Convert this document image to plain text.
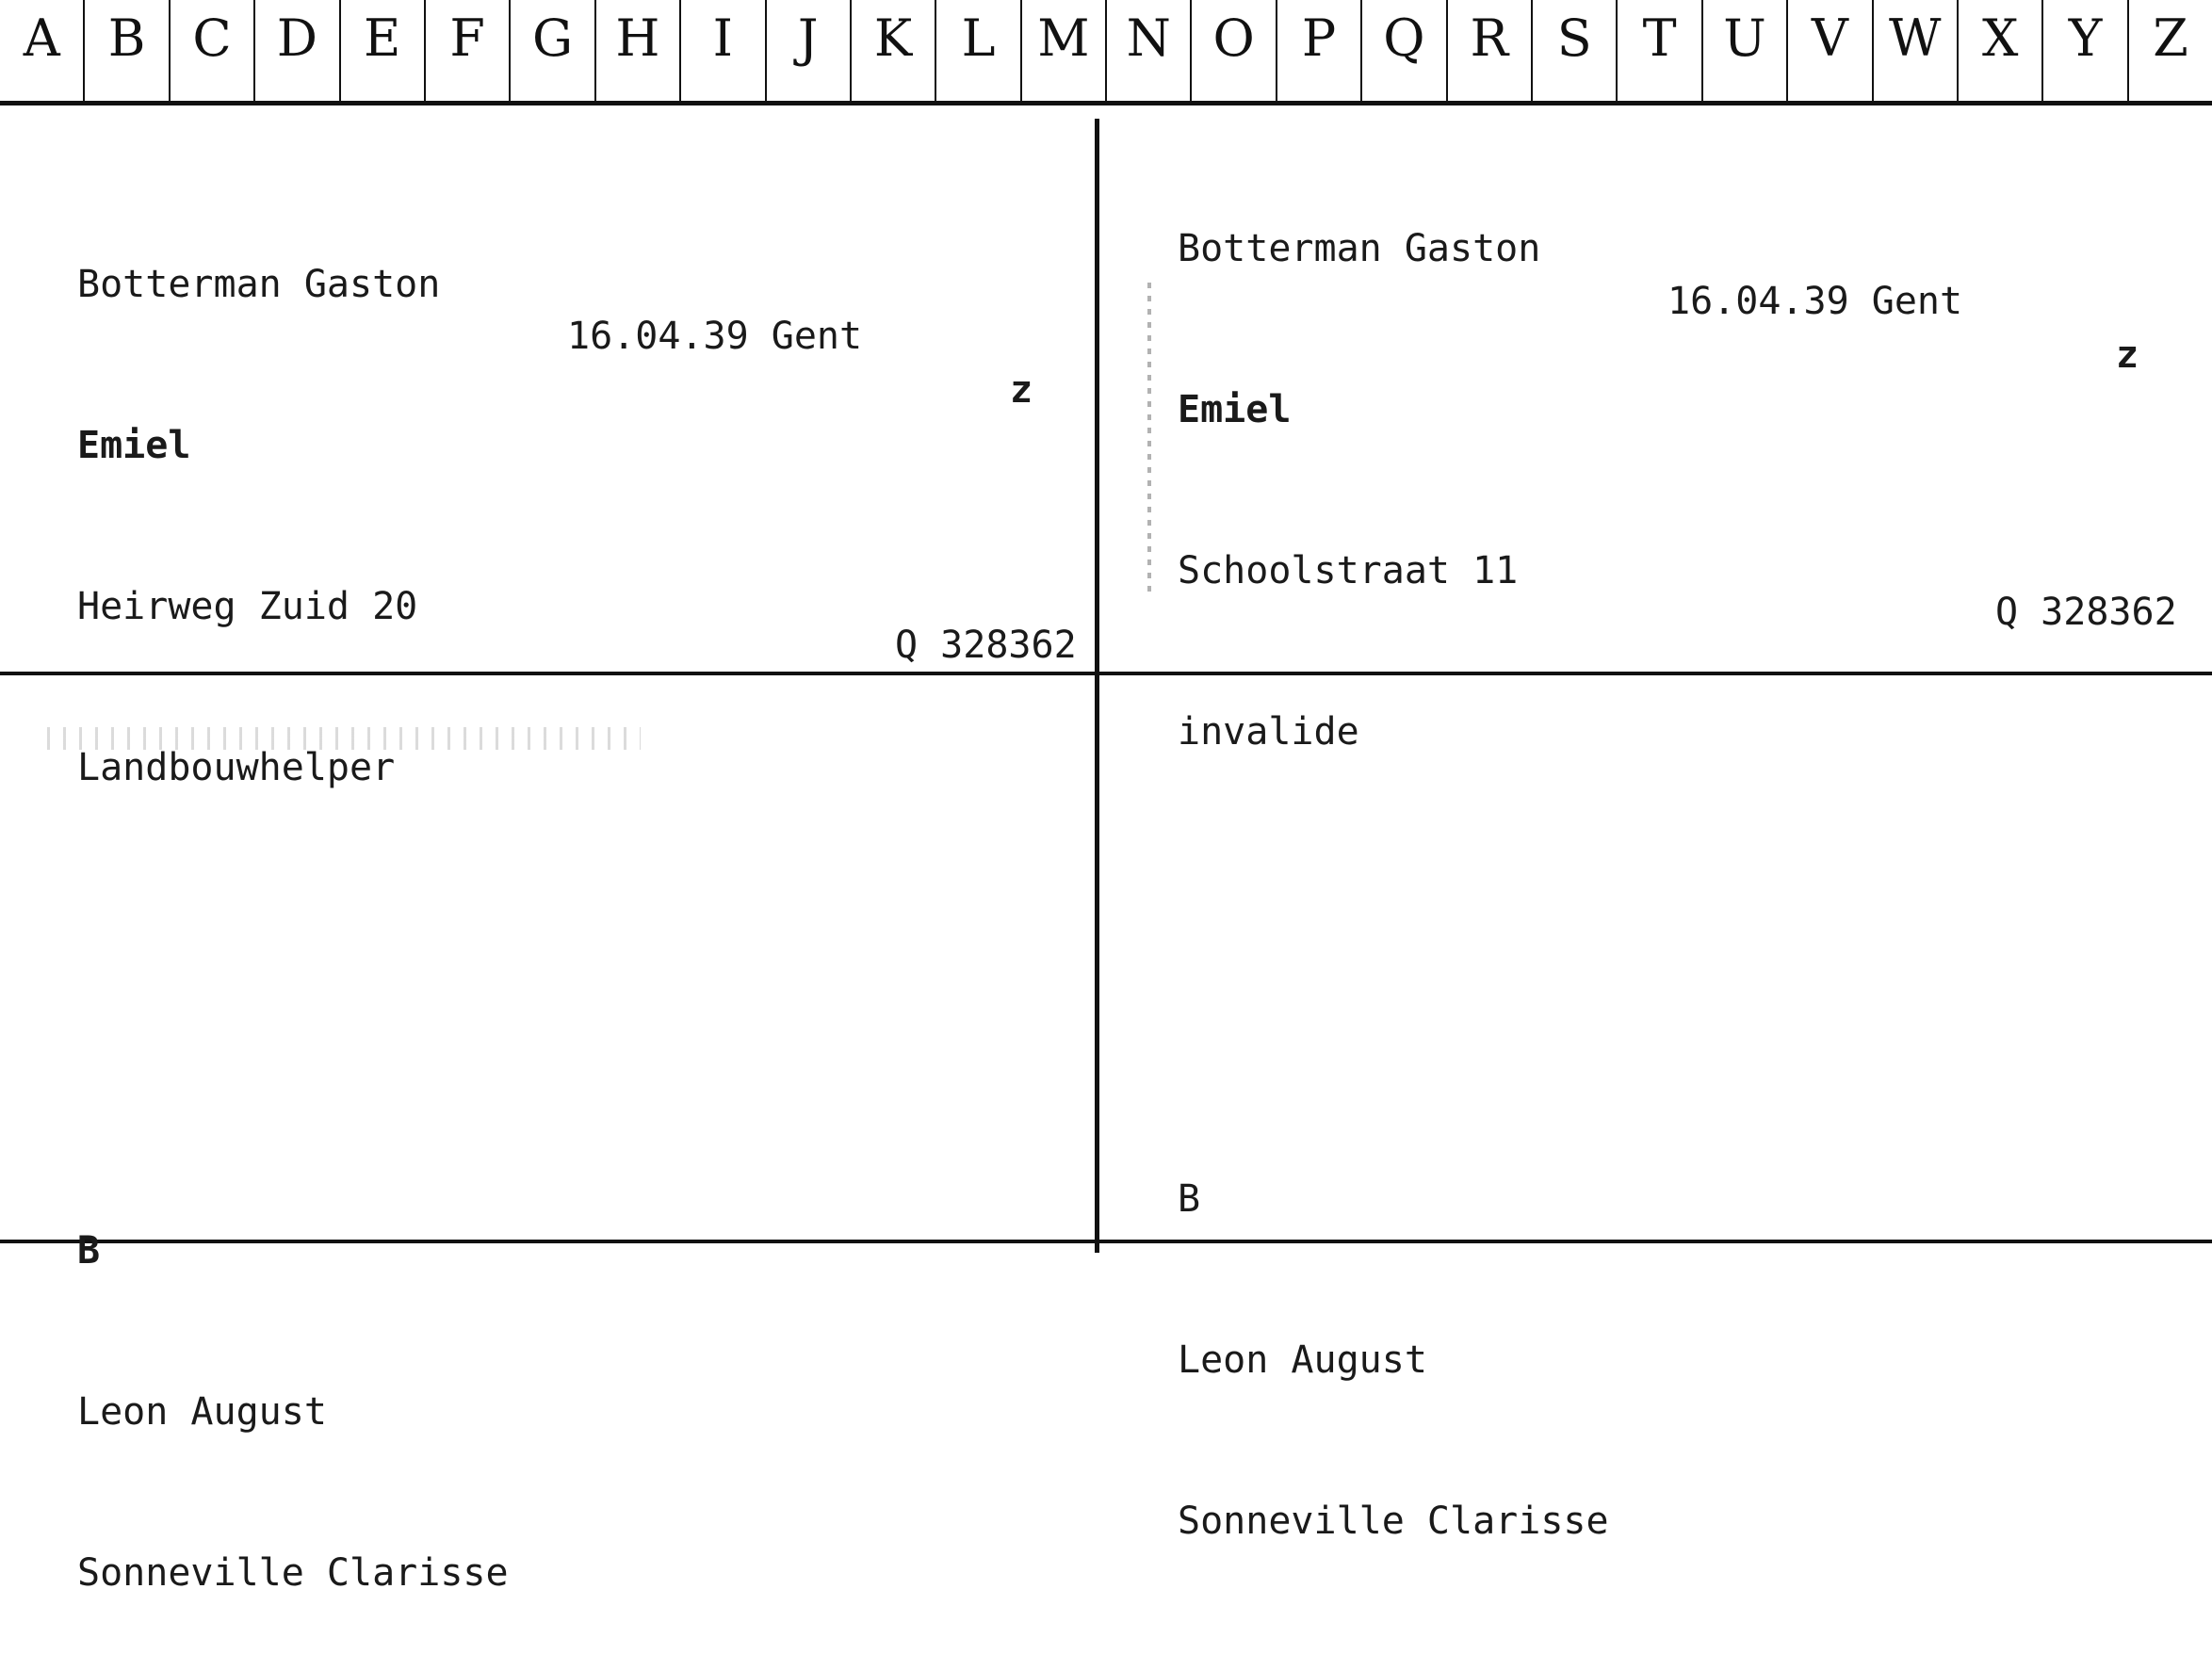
A B C D E F G H	I	J	K L M N O P Q R S T U V W X Y Z

Botterman Gaston

Emiel

Heirweg Zuid 20

Landbouwhelper

B

Leon August

Sonneville Clarisse

16.04.39 Gent

z

Q 328362

Botterman Gaston

Emiel

Schoolstraat 11

invalide

B

Leon August

Sonneville Clarisse

16.04.39 Gent

z

Q 328362
